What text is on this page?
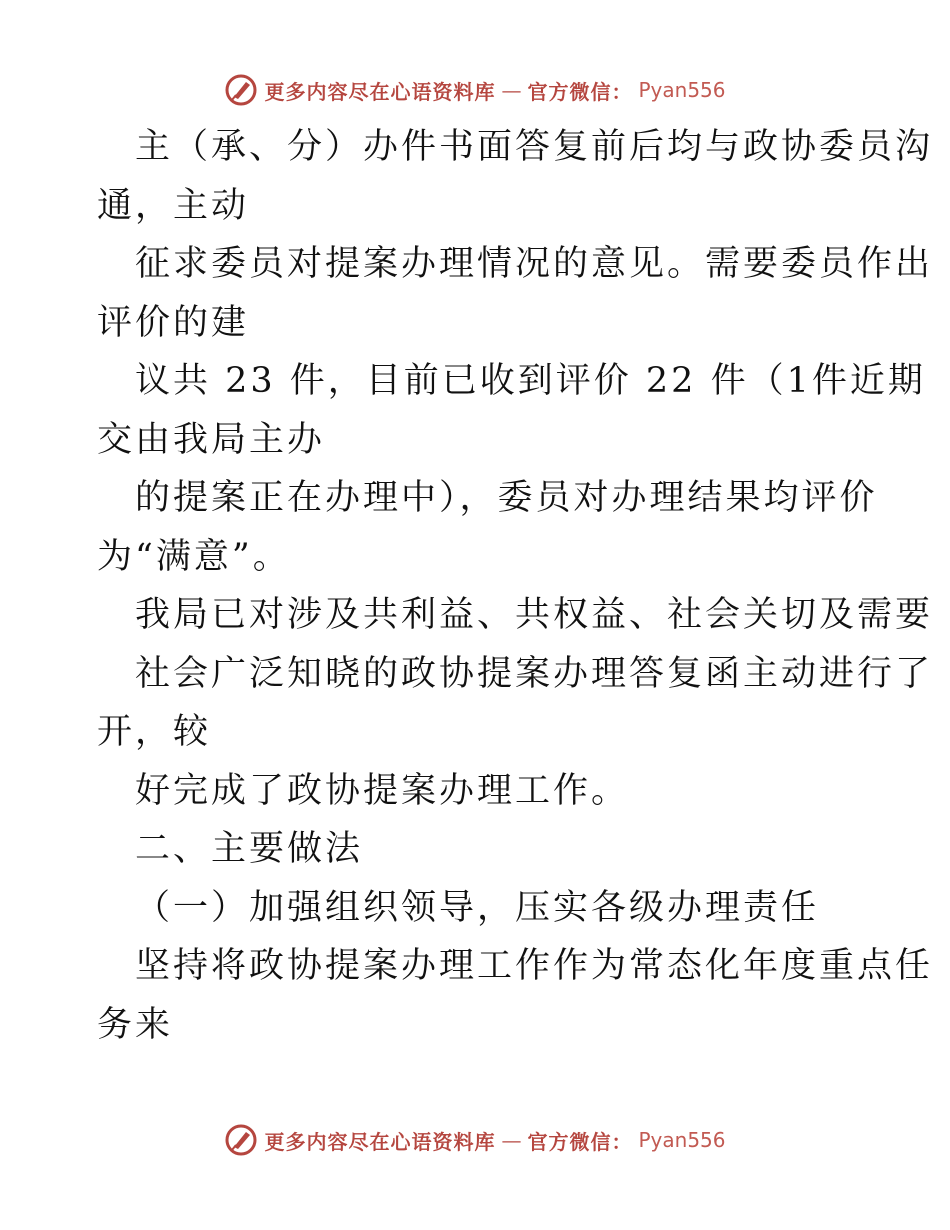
更多内容尽在心语资料库 — 官方微信： Pyan556
主（承、分）办件书面答复前后均与政协委员沟
通，主动
征求委员对提案办理情况的意见。需要委员作出
评价的建
议共 23 件，目前已收到评价 22 件（1件近期
交由我局主办
的提案正在办理中），委员对办理结果均评价
为“满意”。
我局已对涉及共利益、共权益、社会关切及需要
社会广泛知晓的政协提案办理答复函主动进行了
开，较
好完成了政协提案办理工作。
二、主要做法
（一）加强组织领导，压实各级办理责任
坚持将政协提案办理工作作为常态化年度重点任
务来
更多内容尽在心语资料库 — 官方微信： Pyan556
